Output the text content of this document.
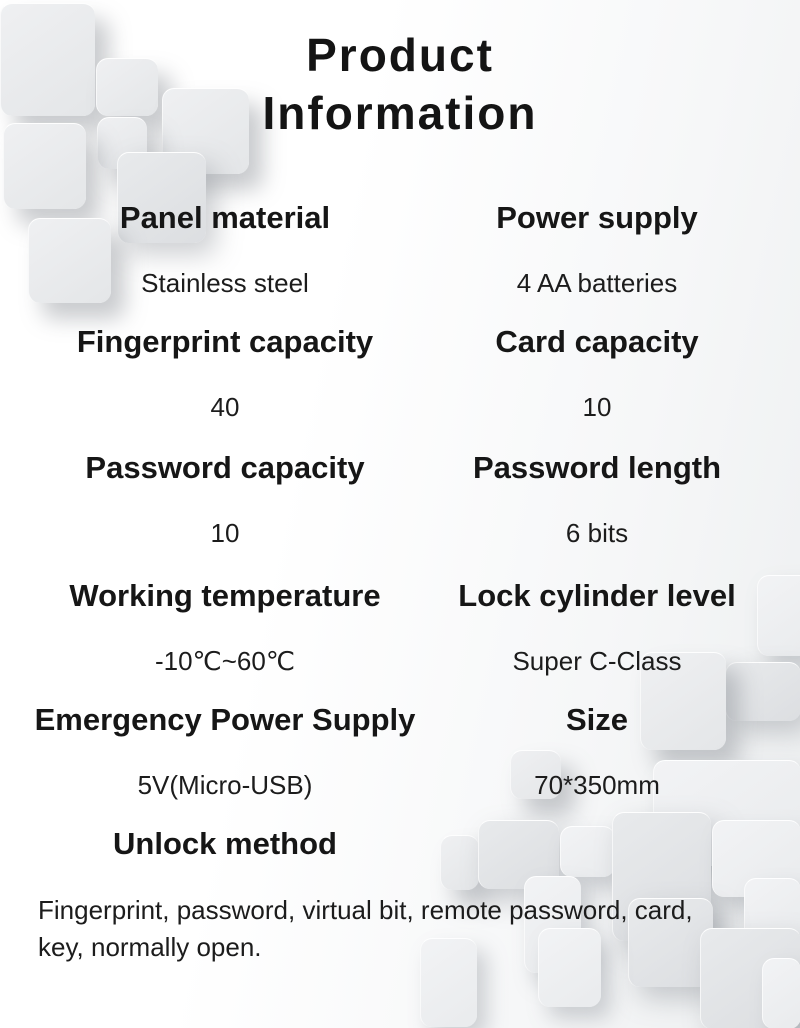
Product
Information
Panel material
Stainless steel
Power supply
4 AA batteries
Fingerprint capacity
40
Card capacity
10
Password capacity
10
Password length
6 bits
Working temperature
-10℃~60℃
Lock cylinder level
Super C-Class
Emergency Power Supply
5V(Micro-USB)
Size
70*350mm
Unlock method
Fingerprint, password, virtual bit, remote password, card, key, normally open.
